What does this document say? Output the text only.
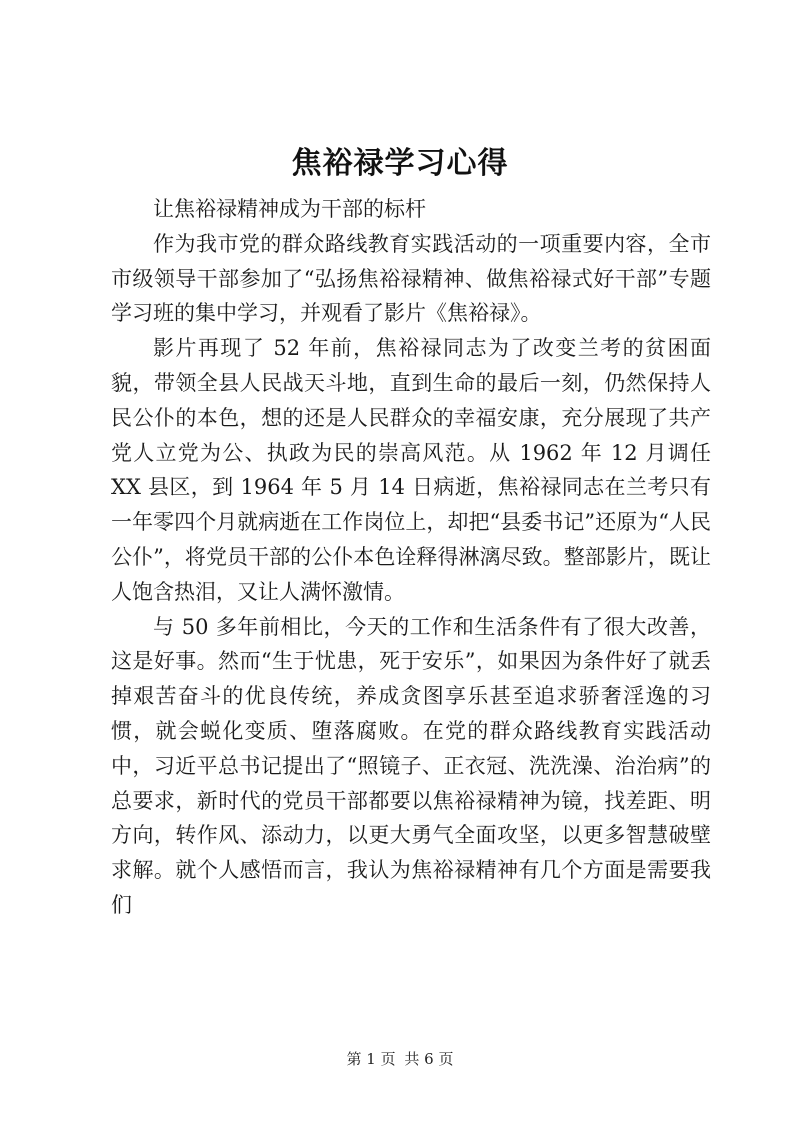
焦裕禄学习心得

让焦裕禄精神成为干部的标杆

作为我市党的群众路线教育实践活动的一项重要内容，全市市级领导干部参加了“弘扬焦裕禄精神、做焦裕禄式好干部”专题学习班的集中学习，并观看了影片《焦裕禄》。

影片再现了 52 年前，焦裕禄同志为了改变兰考的贫困面貌，带领全县人民战天斗地，直到生命的最后一刻，仍然保持人民公仆的本色，想的还是人民群众的幸福安康，充分展现了共产党人立党为公、执政为民的崇高风范。从 1962 年 12 月调任 XX 县区，到 1964 年 5 月 14 日病逝，焦裕禄同志在兰考只有一年零四个月就病逝在工作岗位上，却把“县委书记”还原为“人民公仆”，将党员干部的公仆本色诠释得淋漓尽致。整部影片，既让人饱含热泪，又让人满怀激情。

与 50 多年前相比，今天的工作和生活条件有了很大改善，这是好事。然而“生于忧患，死于安乐”，如果因为条件好了就丢掉艰苦奋斗的优良传统，养成贪图享乐甚至追求骄奢淫逸的习惯，就会蜕化变质、堕落腐败。在党的群众路线教育实践活动中，习近平总书记提出了“照镜子、正衣冠、洗洗澡、治治病”的总要求，新时代的党员干部都要以焦裕禄精神为镜，找差距、明方向，转作风、添动力，以更大勇气全面攻坚，以更多智慧破壁求解。就个人感悟而言，我认为焦裕禄精神有几个方面是需要我们

第 1 页 共 6 页
